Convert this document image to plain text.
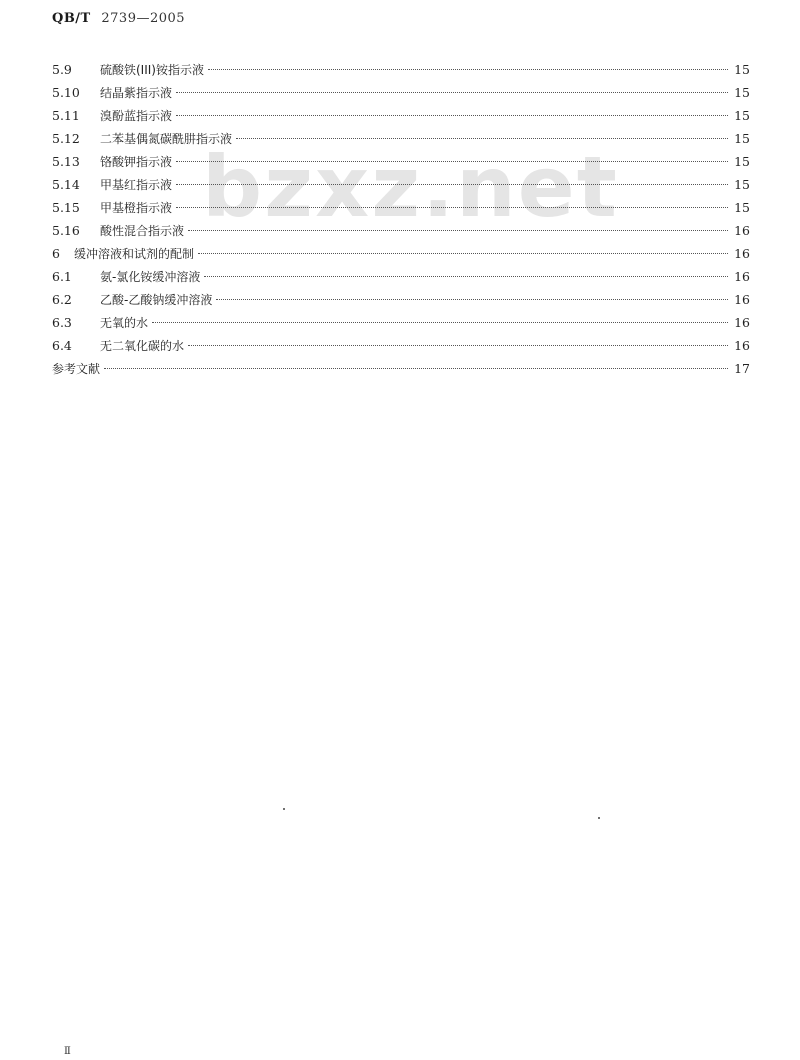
QB/T 2739—2005
bzxz.net
5.9	硫酸铁(III)铵指示液	15
5.10	结晶紫指示液	15
5.11	溴酚蓝指示液	15
5.12	二苯基偶氮碳酰肼指示液	15
5.13	铬酸钾指示液	15
5.14	甲基红指示液	15
5.15	甲基橙指示液	15
5.16	酸性混合指示液	16
6	缓冲溶液和试剂的配制	16
6.1	氨-氯化铵缓冲溶液	16
6.2	乙酸-乙酸钠缓冲溶液	16
6.3	无氧的水	16
6.4	无二氧化碳的水	16
参考文献	17
Ⅱ
